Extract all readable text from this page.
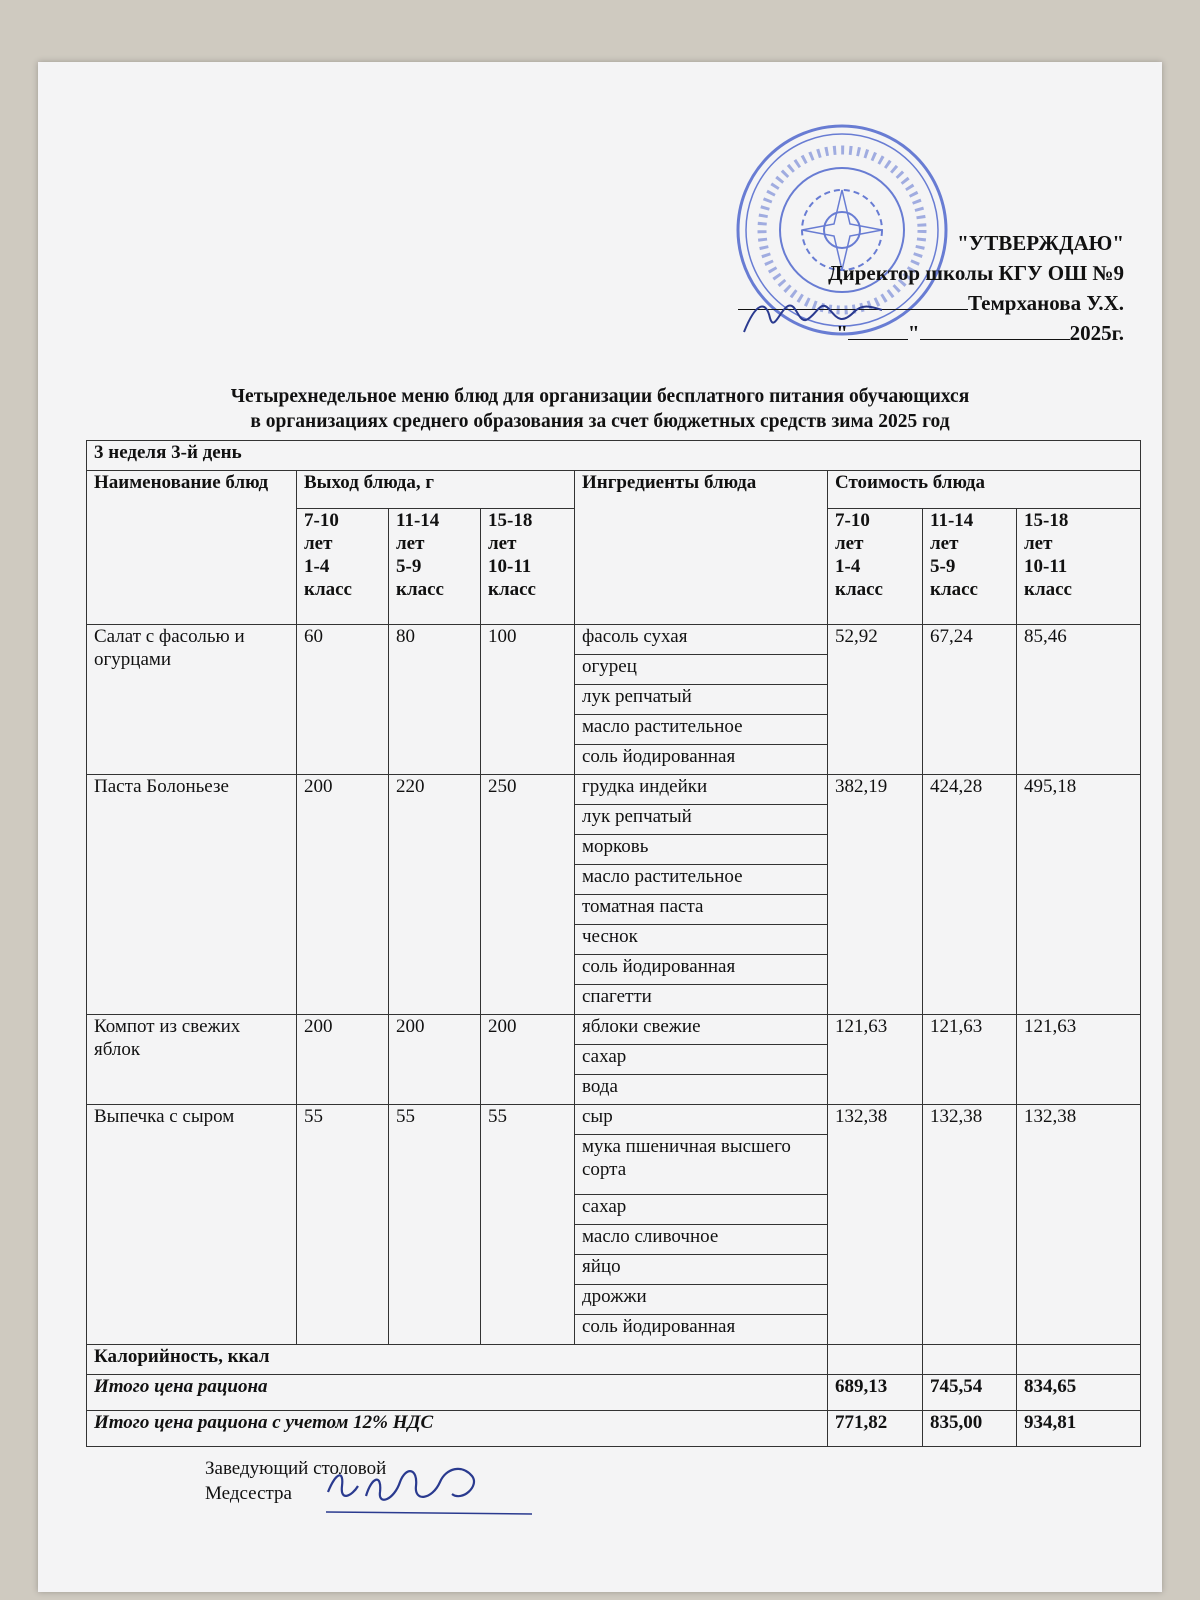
"УТВЕРЖДАЮ"
Директор школы КГУ ОШ №9
Темрханова У.Х.
"	"	2025г.
Четырехнедельное меню блюд для организации бесплатного питания обучающихся
в организациях среднего образования за счет бюджетных средств зима 2025 год
3 неделя 3-й день							
Наименование блюд	Выход блюда, г			Ингредиенты блюда	Стоимость блюда		
	7-10
лет
1-4
класс	11-14
лет
5-9
класс	15-18
лет
10-11
класс		7-10
лет
1-4
класс	11-14
лет
5-9
класс	15-18
лет
10-11
класс
Салат с фасолью и огурцами	60	80	100	фасоль сухая	52,92	67,24	85,46
				огурец			
				лук репчатый			
				масло растительное			
				соль йодированная			
Паста Болоньезе	200	220	250	грудка индейки	382,19	424,28	495,18
				лук репчатый			
				морковь			
				масло растительное			
				томатная паста			
				чеснок			
				соль йодированная			
				спагетти			
Компот из свежих яблок	200	200	200	яблоки свежие	121,63	121,63	121,63
				сахар			
				вода			
Выпечка с сыром	55	55	55	сыр	132,38	132,38	132,38
				мука пшеничная высшего сорта			
				сахар			
				масло сливочное			
				яйцо			
				дрожжи			
				соль йодированная			
Калорийность, ккал							
Итого цена рациона					689,13	745,54	834,65
Итого цена рациона с учетом 12% НДС					771,82	835,00	934,81
Заведующий столовой
Медсестра
